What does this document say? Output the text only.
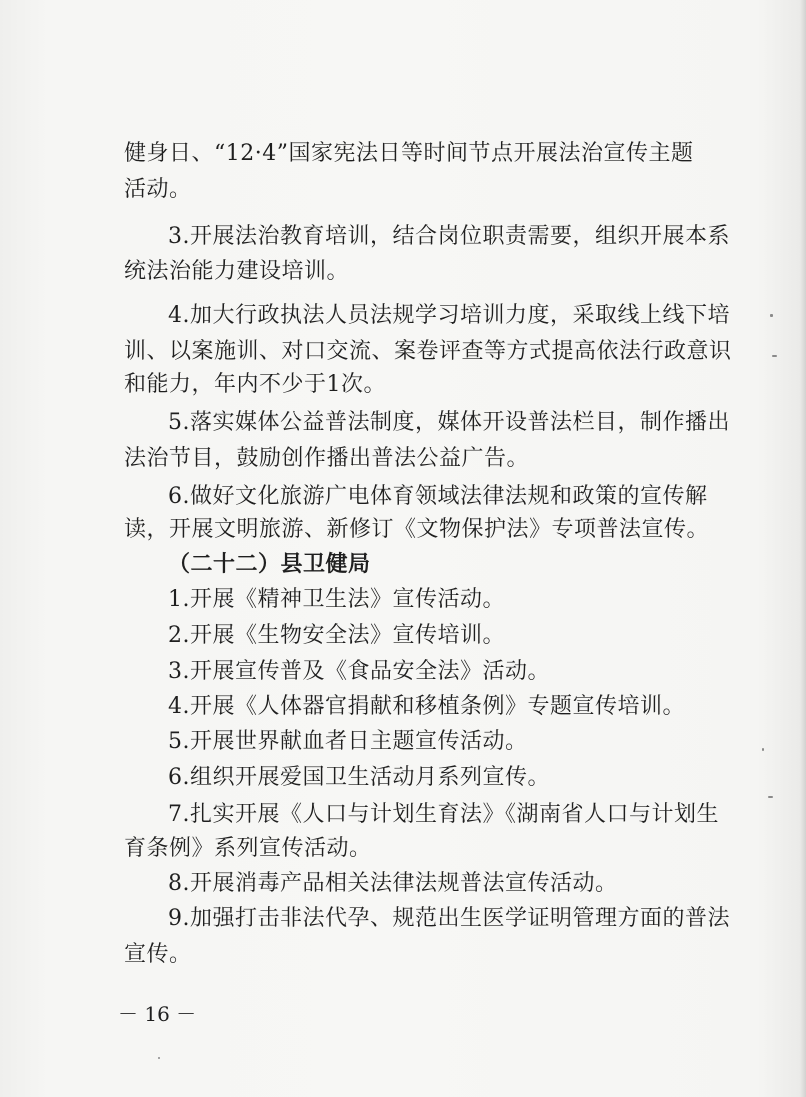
健身日、“12·4”国家宪法日等时间节点开展法治宣传主题
活动。
3.开展法治教育培训，结合岗位职责需要，组织开展本系
统法治能力建设培训。
4.加大行政执法人员法规学习培训力度，采取线上线下培
训、以案施训、对口交流、案卷评查等方式提高依法行政意识
和能力，年内不少于1次。
5.落实媒体公益普法制度，媒体开设普法栏目，制作播出
法治节目，鼓励创作播出普法公益广告。
6.做好文化旅游广电体育领域法律法规和政策的宣传解
读，开展文明旅游、新修订《文物保护法》专项普法宣传。
（二十二）县卫健局
1.开展《精神卫生法》宣传活动。
2.开展《生物安全法》宣传培训。
3.开展宣传普及《食品安全法》活动。
4.开展《人体器官捐献和移植条例》专题宣传培训。
5.开展世界献血者日主题宣传活动。
6.组织开展爱国卫生活动月系列宣传。
7.扎实开展《人口与计划生育法》《湖南省人口与计划生
育条例》系列宣传活动。
8.开展消毒产品相关法律法规普法宣传活动。
9.加强打击非法代孕、规范出生医学证明管理方面的普法
宣传。
－ 16 －
